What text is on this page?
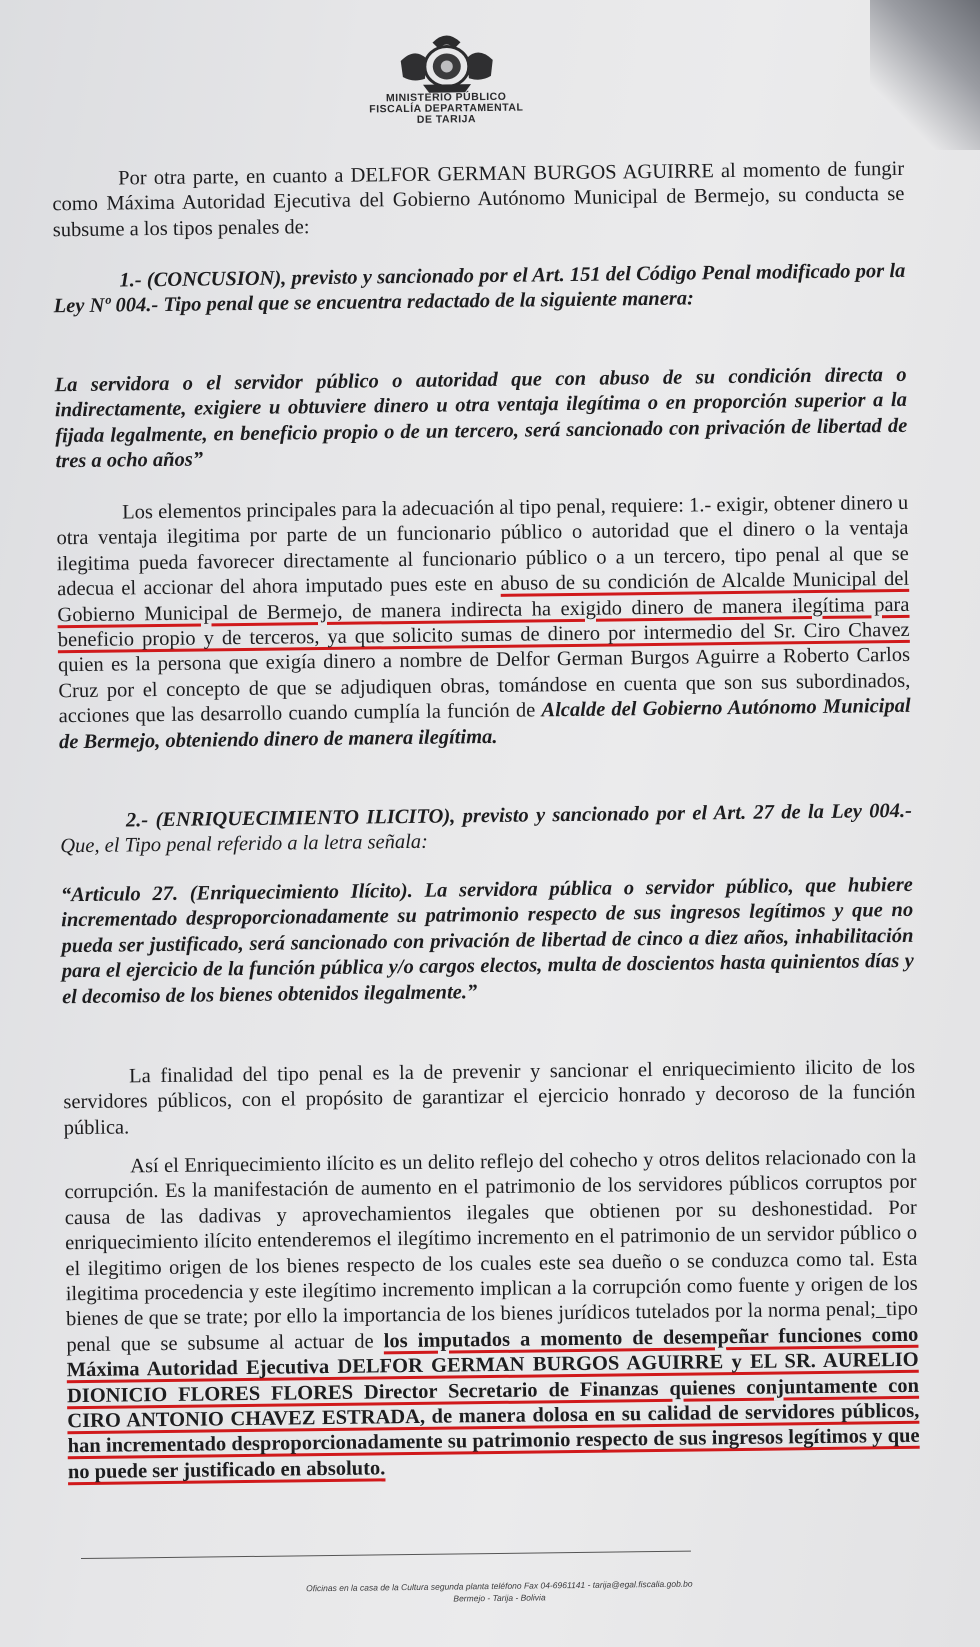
MINISTERIO PÚBLICO
FISCALÍA DEPARTAMENTAL
DE TARIJA

Por otra parte, en cuanto a DELFOR GERMAN BURGOS AGUIRRE al momento de fungir como Máxima Autoridad Ejecutiva del Gobierno Autónomo Municipal de Bermejo, su conducta se subsume a los tipos penales de:

1.- (CONCUSION), previsto y sancionado por el Art. 151 del Código Penal modificado por la Ley Nº 004.- Tipo penal que se encuentra redactado de la siguiente manera:

La servidora o el servidor público o autoridad que con abuso de su condición directa o indirectamente, exigiere u obtuviere dinero u otra ventaja ilegítima o en proporción superior a la fijada legalmente, en beneficio propio o de un tercero, será sancionado con privación de libertad de tres a ocho años”

Los elementos principales para la adecuación al tipo penal, requiere: 1.- exigir, obtener dinero u otra ventaja ilegitima por parte de un funcionario público o autoridad que el dinero o la ventaja ilegitima pueda favorecer directamente al funcionario público o a un tercero, tipo penal al que se adecua el accionar del ahora imputado pues este en abuso de su condición de Alcalde Municipal del Gobierno Municipal de Bermejo, de manera indirecta ha exigido dinero de manera ilegítima para beneficio propio y de terceros, ya que solicito sumas de dinero por intermedio del Sr. Ciro Chavez quien es la persona que exigía dinero a nombre de Delfor German Burgos Aguirre a Roberto Carlos Cruz por el concepto de que se adjudiquen obras, tomándose en cuenta que son sus subordinados, acciones que las desarrollo cuando cumplía la función de Alcalde del Gobierno Autónomo Municipal de Bermejo, obteniendo dinero de manera ilegítima.

2.- (ENRIQUECIMIENTO ILICITO), previsto y sancionado por el Art. 27 de la Ley 004.- Que, el Tipo penal referido a la letra señala:

“Articulo 27. (Enriquecimiento Ilícito). La servidora pública o servidor público, que hubiere incrementado desproporcionadamente su patrimonio respecto de sus ingresos legítimos y que no pueda ser justificado, será sancionado con privación de libertad de cinco a diez años, inhabilitación para el ejercicio de la función pública y/o cargos electos, multa de doscientos hasta quinientos días y el decomiso de los bienes obtenidos ilegalmente.”

La finalidad del tipo penal es la de prevenir y sancionar el enriquecimiento ilicito de los servidores públicos, con el propósito de garantizar el ejercicio honrado y decoroso de la función pública.

Así el Enriquecimiento ilícito es un delito reflejo del cohecho y otros delitos relacionado con la corrupción. Es la manifestación de aumento en el patrimonio de los servidores públicos corruptos por causa de las dadivas y aprovechamientos ilegales que obtienen por su deshonestidad. Por enriquecimiento ilícito entenderemos el ilegítimo incremento en el patrimonio de un servidor público o el ilegitimo origen de los bienes respecto de los cuales este sea dueño o se conduzca como tal. Esta ilegitima procedencia y este ilegítimo incremento implican a la corrupción como fuente y origen de los bienes de que se trate; por ello la importancia de los bienes jurídicos tutelados por la norma penal;_tipo penal que se subsume al actuar de los imputados a momento de desempeñar funciones como Máxima Autoridad Ejecutiva DELFOR GERMAN BURGOS AGUIRRE y EL SR. AURELIO DIONICIO FLORES FLORES Director Secretario de Finanzas quienes conjuntamente con CIRO ANTONIO CHAVEZ ESTRADA, de manera dolosa en su calidad de servidores públicos, han incrementado desproporcionadamente su patrimonio respecto de sus ingresos legítimos y que no puede ser justificado en absoluto.

Oficinas en la casa de la Cultura segunda planta teléfono Fax 04-6961141 - tarija@egal.fiscalia.gob.bo
Bermejo - Tarija - Bolivia
